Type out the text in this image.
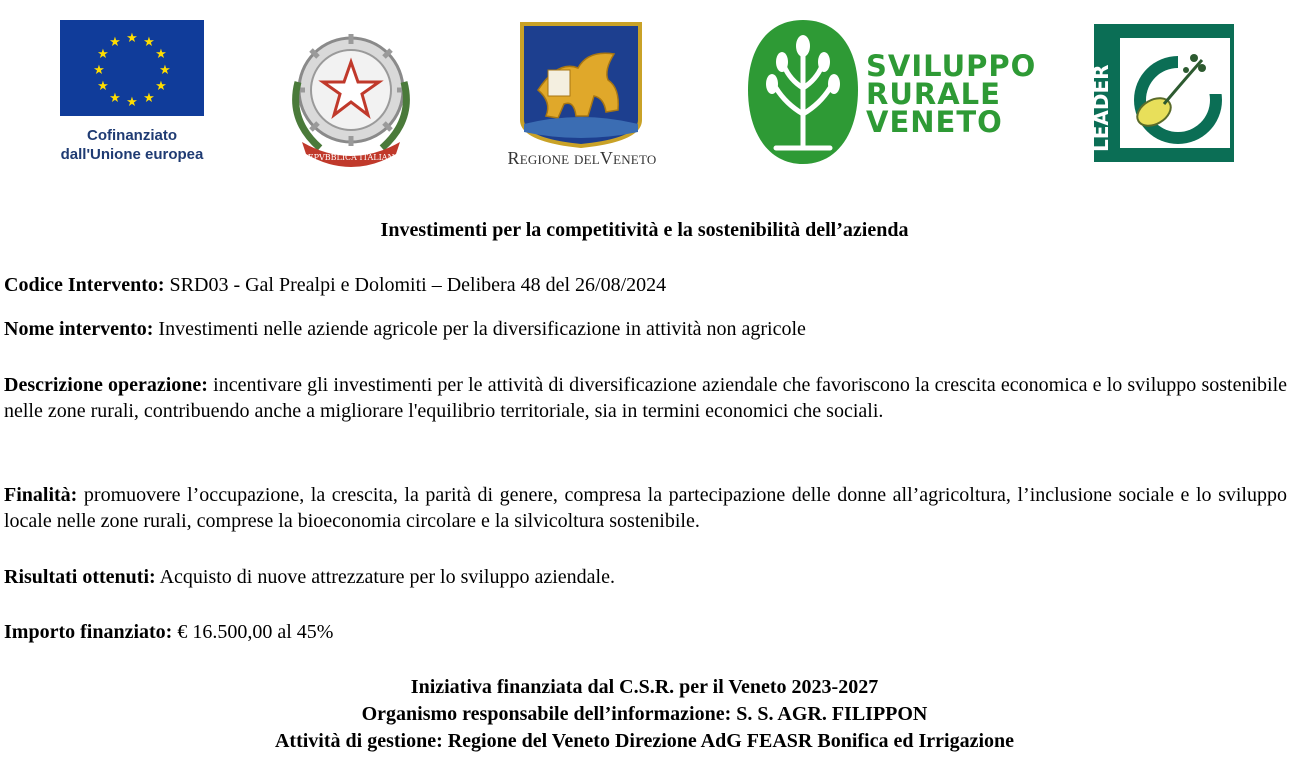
★ ★
★
★
★
★
★
★
★
★
★
★
Cofinanziato
dall'Unione europea	REPVBBLICA ITALIANA	Regione delVeneto
SVILUPPO
RURALE
VENETO	LEADER
Investimenti per la competitività e la sostenibilità dell’azienda
Codice Intervento: SRD03 - Gal Prealpi e Dolomiti – Delibera 48 del 26/08/2024
Nome intervento: Investimenti nelle aziende agricole per la diversificazione in attività non agricole
Descrizione operazione: incentivare gli investimenti per le attività di diversificazione aziendale che favoriscono la crescita economica e lo sviluppo sostenibile nelle zone rurali, contribuendo anche a migliorare l'equilibrio territoriale, sia in termini economici che sociali.
Finalità: promuovere l’occupazione, la crescita, la parità di genere, compresa la partecipazione delle donne all’agricoltura, l’inclusione sociale e lo sviluppo locale nelle zone rurali, comprese la bioeconomia circolare e la silvicoltura sostenibile.
Risultati ottenuti: Acquisto di nuove attrezzature per lo sviluppo aziendale.
Importo finanziato: € 16.500,00 al 45%
Iniziativa finanziata dal C.S.R. per il Veneto 2023-2027
Organismo responsabile dell’informazione: S. S. AGR. FILIPPON
Attività di gestione: Regione del Veneto Direzione AdG FEASR Bonifica ed Irrigazione
